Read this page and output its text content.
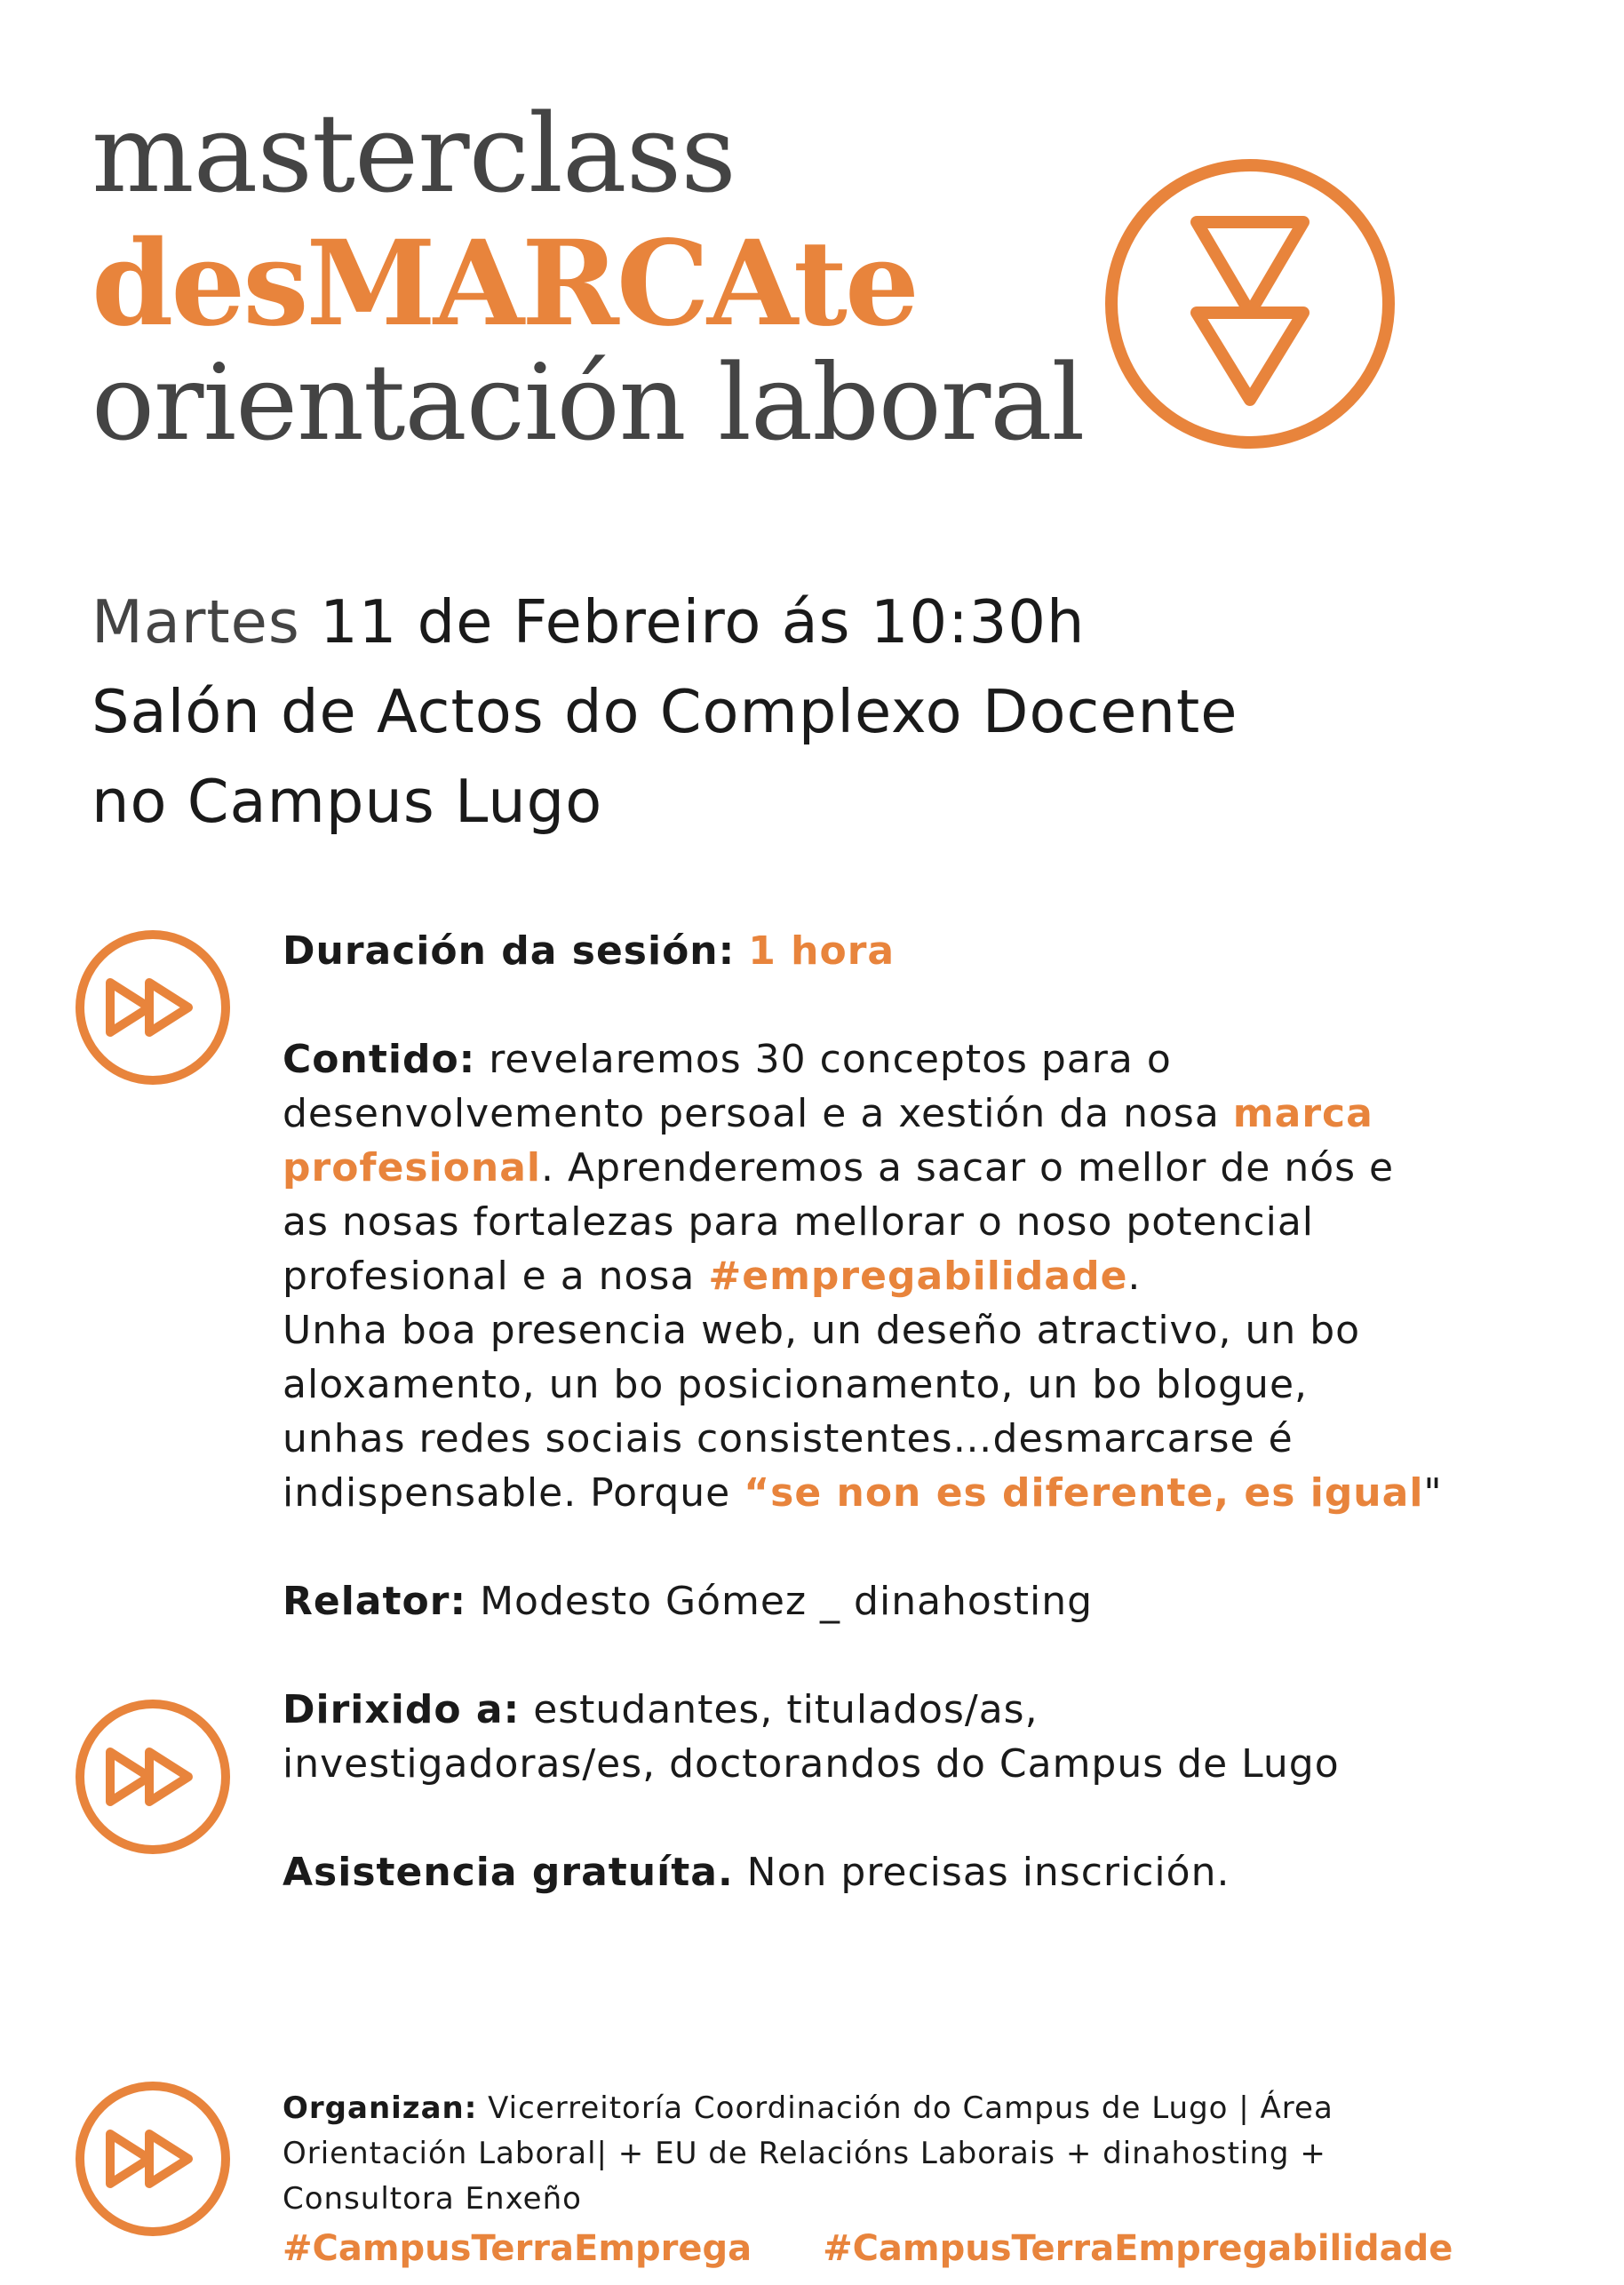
masterclass
desMARCAte
orientación laboral
Martes 11 de Febreiro ás 10:30h
Salón de Actos do Complexo Docente
no Campus Lugo

Duración da sesión: 1 hora

Contido: revelaremos 30 conceptos para o

desenvolvemento persoal e a xestión da nosa marca

profesional. Aprenderemos a sacar o mellor de nós e

as nosas fortalezas para mellorar o noso potencial

profesional e a nosa #empregabilidade.

Unha boa presencia web, un deseño atractivo, un bo

aloxamento, un bo posicionamento, un bo blogue,

unhas redes sociais consistentes…desmarcarse é

indispensable. Porque “se non es diferente, es igual"

Relator: Modesto Gómez _ dinahosting

Dirixido a: estudantes, titulados/as,

investigadoras/es, doctorandos do Campus de Lugo

Asistencia gratuíta. Non precisas inscrición.

Organizan: Vicerreitoría Coordinación do Campus de Lugo | Área

Orientación Laboral| + EU de Relacións Laborais + dinahosting +

Consultora Enxeño

#CampusTerraEmprega #CampusTerraEmpregabilidade
